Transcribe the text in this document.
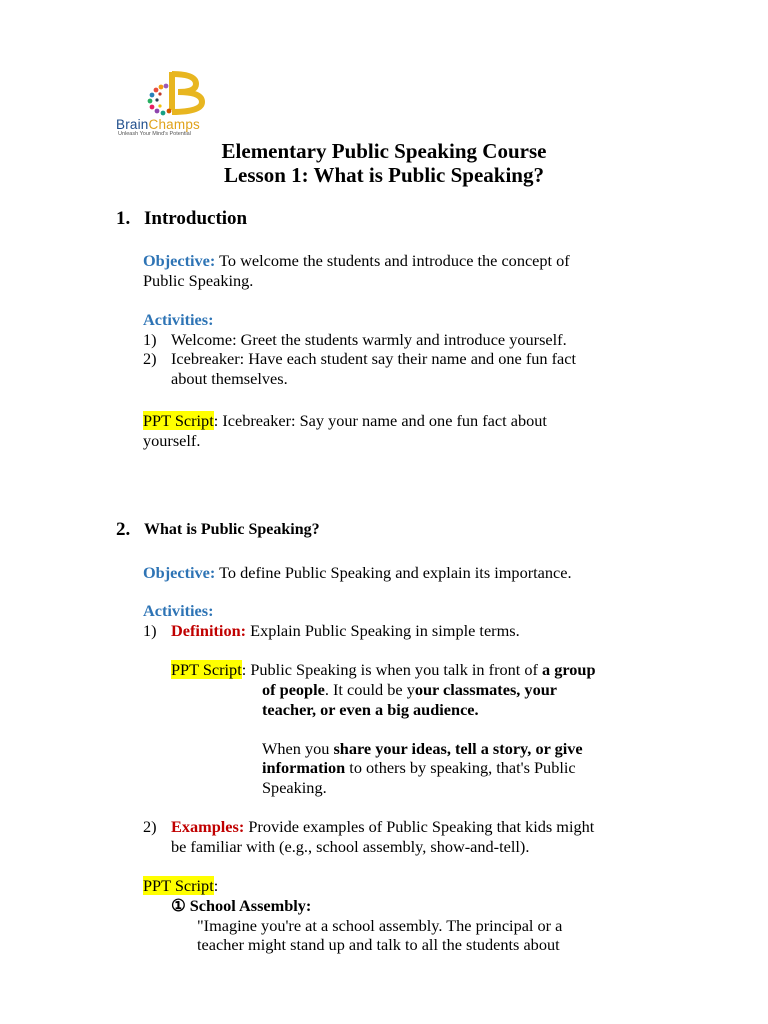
BrainChamps
Unleash Your Mind's Potential
Elementary Public Speaking Course
Lesson 1: What is Public Speaking?
1. Introduction
Objective: To welcome the students and introduce the concept of
Public Speaking.
Activities:
1) Welcome: Greet the students warmly and introduce yourself.
2) Icebreaker: Have each student say their name and one fun fact
about themselves.
PPT Script: Icebreaker: Say your name and one fun fact about
yourself.
2. What is Public Speaking?
Objective: To define Public Speaking and explain its importance.
Activities:
1) Definition: Explain Public Speaking in simple terms.
PPT Script: Public Speaking is when you talk in front of a group
of people. It could be your classmates, your
teacher, or even a big audience.
When you share your ideas, tell a story, or give
information to others by speaking, that's Public
Speaking.
2) Examples: Provide examples of Public Speaking that kids might
be familiar with (e.g., school assembly, show-and-tell).
PPT Script:
① School Assembly:
"Imagine you're at a school assembly. The principal or a
teacher might stand up and talk to all the students about
